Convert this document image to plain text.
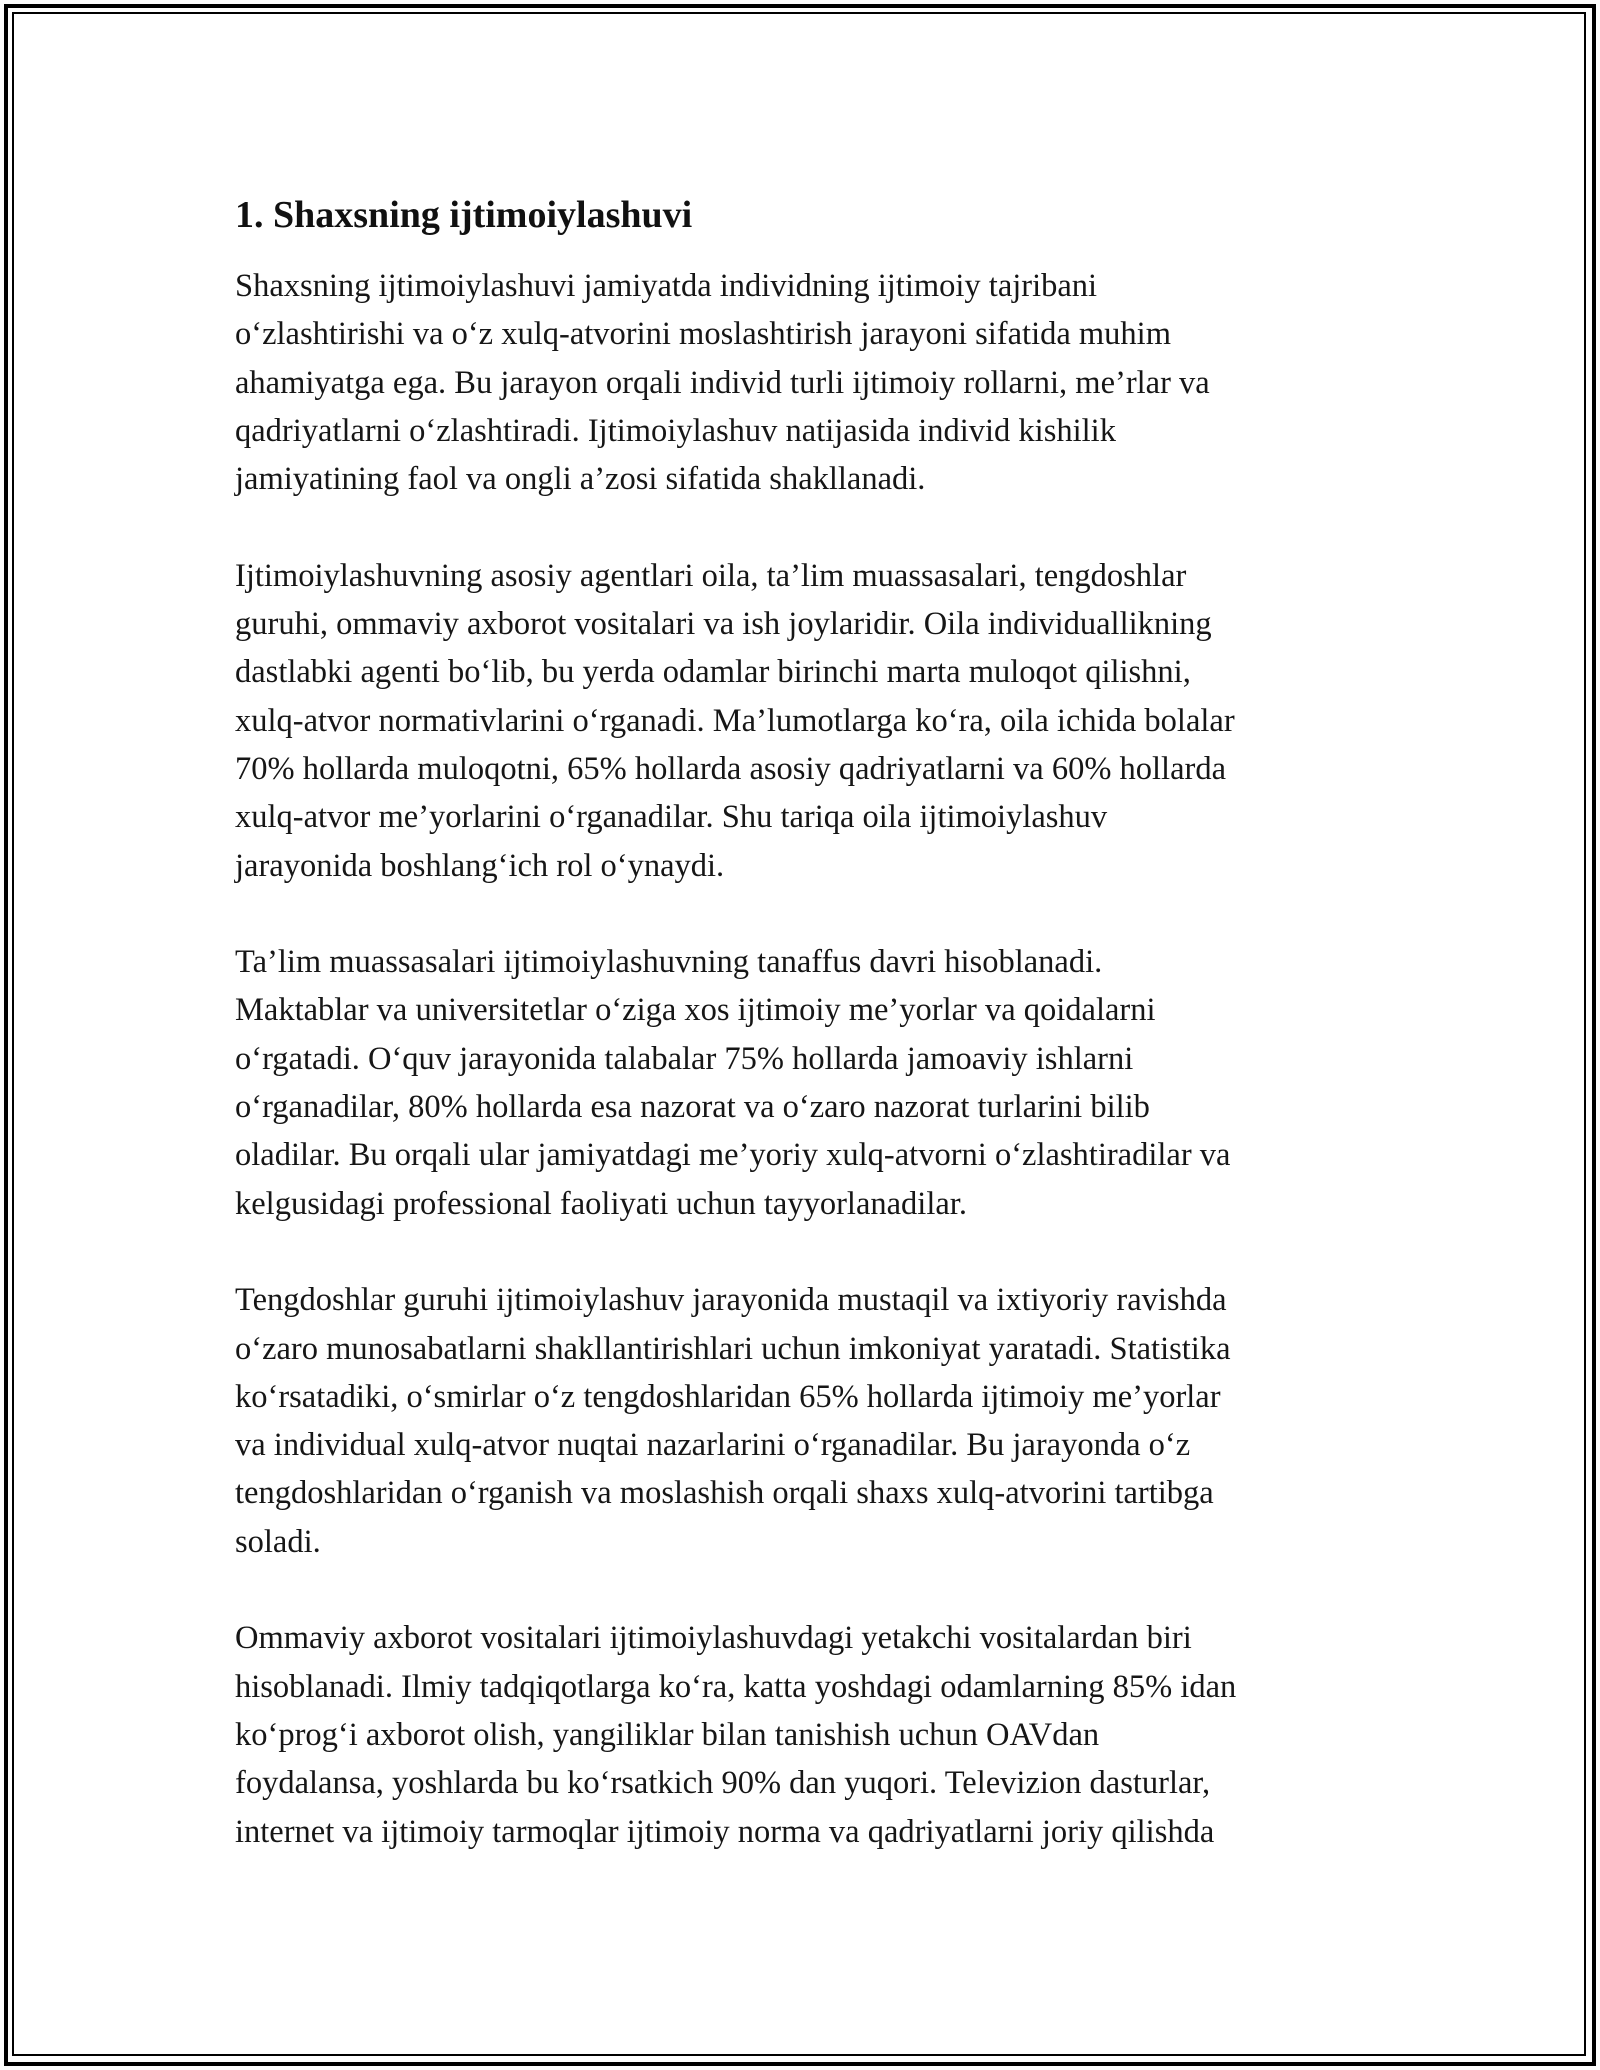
1. Shaxsning ijtimoiylashuvi

Shaxsning ijtimoiylashuvi jamiyatda individning ijtimoiy tajribani
o‘zlashtirishi va o‘z xulq-atvorini moslashtirish jarayoni sifatida muhim
ahamiyatga ega. Bu jarayon orqali individ turli ijtimoiy rollarni, me’rlar va
qadriyatlarni o‘zlashtiradi. Ijtimoiylashuv natijasida individ kishilik
jamiyatining faol va ongli a’zosi sifatida shakllanadi.

Ijtimoiylashuvning asosiy agentlari oila, ta’lim muassasalari, tengdoshlar
guruhi, ommaviy axborot vositalari va ish joylaridir. Oila individuallikning
dastlabki agenti bo‘lib, bu yerda odamlar birinchi marta muloqot qilishni,
xulq-atvor normativlarini o‘rganadi. Ma’lumotlarga ko‘ra, oila ichida bolalar
70% hollarda muloqotni, 65% hollarda asosiy qadriyatlarni va 60% hollarda
xulq-atvor me’yorlarini o‘rganadilar. Shu tariqa oila ijtimoiylashuv
jarayonida boshlang‘ich rol o‘ynaydi.

Ta’lim muassasalari ijtimoiylashuvning tanaffus davri hisoblanadi.
Maktablar va universitetlar o‘ziga xos ijtimoiy me’yorlar va qoidalarni
o‘rgatadi. O‘quv jarayonida talabalar 75% hollarda jamoaviy ishlarni
o‘rganadilar, 80% hollarda esa nazorat va o‘zaro nazorat turlarini bilib
oladilar. Bu orqali ular jamiyatdagi me’yoriy xulq-atvorni o‘zlashtiradilar va
kelgusidagi professional faoliyati uchun tayyorlanadilar.

Tengdoshlar guruhi ijtimoiylashuv jarayonida mustaqil va ixtiyoriy ravishda
o‘zaro munosabatlarni shakllantirishlari uchun imkoniyat yaratadi. Statistika
ko‘rsatadiki, o‘smirlar o‘z tengdoshlaridan 65% hollarda ijtimoiy me’yorlar
va individual xulq-atvor nuqtai nazarlarini o‘rganadilar. Bu jarayonda o‘z
tengdoshlaridan o‘rganish va moslashish orqali shaxs xulq-atvorini tartibga
soladi.

Ommaviy axborot vositalari ijtimoiylashuvdagi yetakchi vositalardan biri
hisoblanadi. Ilmiy tadqiqotlarga ko‘ra, katta yoshdagi odamlarning 85% idan
ko‘prog‘i axborot olish, yangiliklar bilan tanishish uchun OAVdan
foydalansa, yoshlarda bu ko‘rsatkich 90% dan yuqori. Televizion dasturlar,
internet va ijtimoiy tarmoqlar ijtimoiy norma va qadriyatlarni joriy qilishda
